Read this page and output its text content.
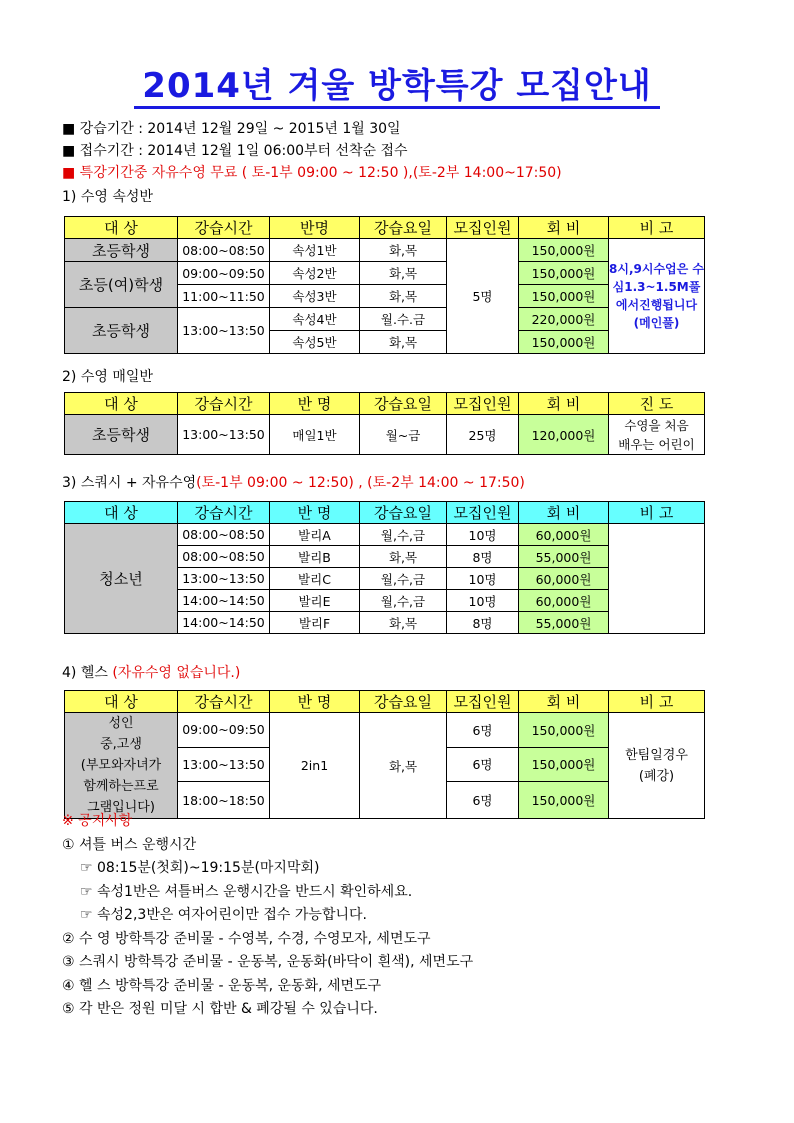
2014년 겨울 방학특강 모집안내
■ 강습기간 : 2014년 12월 29일 ~ 2015년 1월 30일
■ 접수기간 : 2014년 12월 1일 06:00부터 선착순 접수
■ 특강기간중 자유수영 무료 ( 토-1부 09:00 ~ 12:50 ),(토-2부 14:00~17:50)
1) 수영 속성반
대 상	강습시간	반명	강습요일	모집인원	회 비	비 고
초등학생	08:00~08:50	속성1반	화,목	5명	150,000원	8시,9시수업은 수심1.3~1.5M풀에서진행됩니다 (메인풀)
초등(여)학생	09:00~09:50	속성2반	화,목		150,000원	
	11:00~11:50	속성3반	화,목		150,000원	
초등학생	13:00~13:50	속성4반	월.수.금		220,000원	
		속성5반	화,목		150,000원	
2) 수영 매일반
대 상	강습시간	반 명	강습요일	모집인원	회 비	진 도
초등학생	13:00~13:50	매일1반	월~금	25명	120,000원	수영을 처음
배우는 어린이
3) 스쿼시 + 자유수영(토-1부 09:00 ~ 12:50) , (토-2부 14:00 ~ 17:50)
대 상	강습시간	반 명	강습요일	모집인원	회 비	비 고
청소년	08:00~08:50	발리A	월,수,금	10명	60,000원	
	08:00~08:50	발리B	화,목	8명	55,000원	
	13:00~13:50	발리C	월,수,금	10명	60,000원	
	14:00~14:50	발리E	월,수,금	10명	60,000원	
	14:00~14:50	발리F	화,목	8명	55,000원	
4) 헬스 (자유수영 없습니다.)
대 상	강습시간	반 명	강습요일	모집인원	회 비	비 고
성인
중,고생
(부모와자녀가
함께하는프로
그램입니다)	09:00~09:50	2in1	화,목	6명	150,000원	한팀일경우
(폐강)
	13:00~13:50			6명	150,000원	
	18:00~18:50			6명	150,000원	
※ 공지사항
① 셔틀 버스 운행시간
☞ 08:15분(첫회)~19:15분(마지막회)
☞ 속성1반은 셔틀버스 운행시간을 반드시 확인하세요.
☞ 속성2,3반은 여자어린이만 접수 가능합니다.
② 수 영 방학특강 준비물 - 수영복, 수경, 수영모자, 세면도구
③ 스쿼시 방학특강 준비물 - 운동복, 운동화(바닥이 흰색), 세면도구
④ 헬 스 방학특강 준비물 - 운동복, 운동화, 세면도구
⑤ 각 반은 정원 미달 시 합반 & 폐강될 수 있습니다.
